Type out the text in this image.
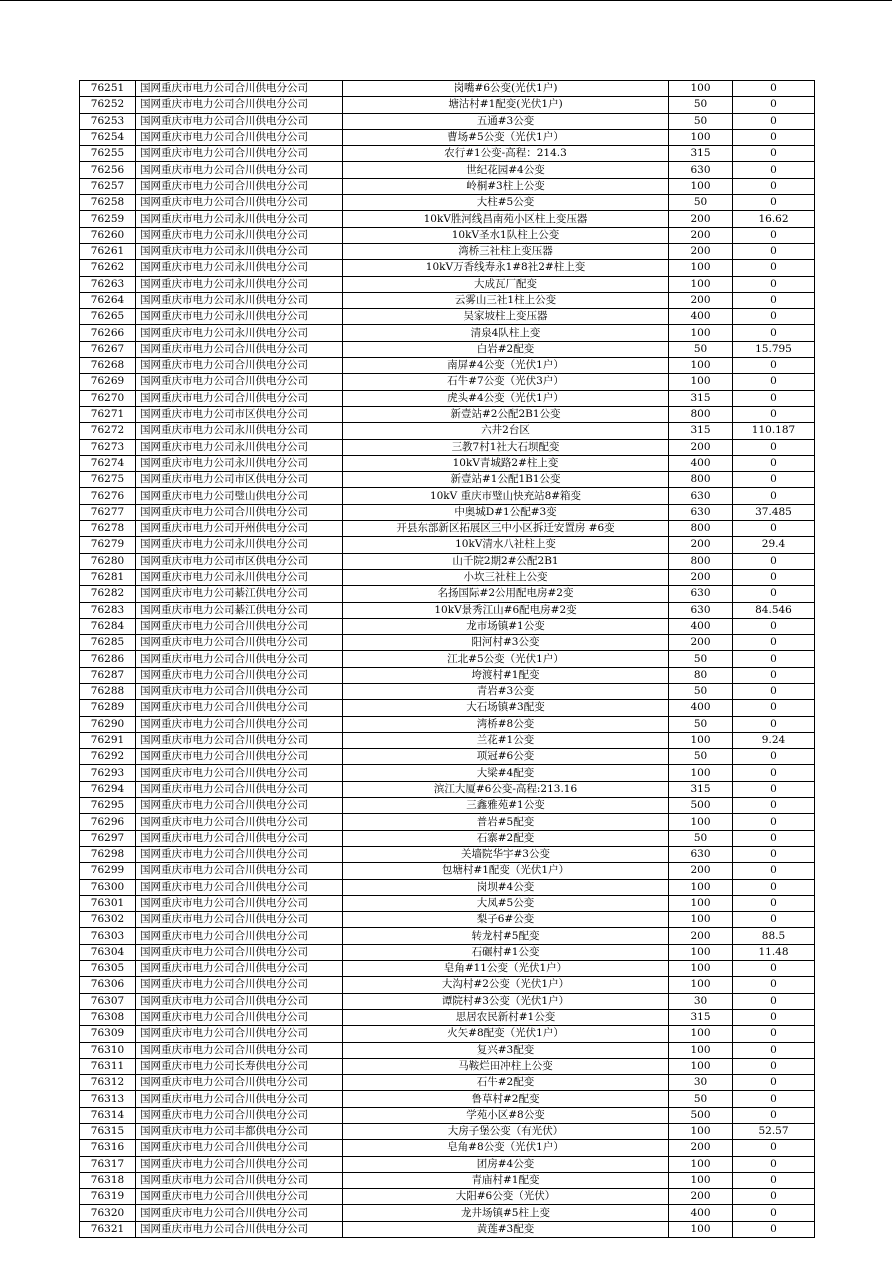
76251	国网重庆市电力公司合川供电分公司	岗嘴#6公变(光伏1户)	100	0
76252	国网重庆市电力公司合川供电分公司	塘沽村#1配变(光伏1户)	50	0
76253	国网重庆市电力公司合川供电分公司	五通#3公变	50	0
76254	国网重庆市电力公司合川供电分公司	曹场#5公变（光伏1户）	100	0
76255	国网重庆市电力公司合川供电分公司	农行#1公变-高程：214.3	315	0
76256	国网重庆市电力公司合川供电分公司	世纪花园#4公变	630	0
76257	国网重庆市电力公司合川供电分公司	岭桐#3柱上公变	100	0
76258	国网重庆市电力公司合川供电分公司	大柱#5公变	50	0
76259	国网重庆市电力公司永川供电分公司	10kV胜河线昌南苑小区柱上变压器	200	16.62
76260	国网重庆市电力公司永川供电分公司	10kV圣水1队柱上公变	200	0
76261	国网重庆市电力公司永川供电分公司	湾桥三社柱上变压器	200	0
76262	国网重庆市电力公司永川供电分公司	10kV万香线寿永1#8社2#柱上变	100	0
76263	国网重庆市电力公司永川供电分公司	大成瓦厂配变	100	0
76264	国网重庆市电力公司永川供电分公司	云雾山三社1柱上公变	200	0
76265	国网重庆市电力公司永川供电分公司	吴家坡柱上变压器	400	0
76266	国网重庆市电力公司永川供电分公司	清泉4队柱上变	100	0
76267	国网重庆市电力公司合川供电分公司	白岩#2配变	50	15.795
76268	国网重庆市电力公司合川供电分公司	南屏#4公变（光伏1户）	100	0
76269	国网重庆市电力公司合川供电分公司	石牛#7公变（光伏3户）	100	0
76270	国网重庆市电力公司合川供电分公司	虎头#4公变（光伏1户）	315	0
76271	国网重庆市电力公司市区供电分公司	新壹站#2公配2B1公变	800	0
76272	国网重庆市电力公司永川供电分公司	六井2台区	315	110.187
76273	国网重庆市电力公司永川供电分公司	三教7村1社大石坝配变	200	0
76274	国网重庆市电力公司永川供电分公司	10kV青城路2#柱上变	400	0
76275	国网重庆市电力公司市区供电分公司	新壹站#1公配1B1公变	800	0
76276	国网重庆市电力公司璧山供电分公司	10kV 重庆市璧山快充站8#箱变	630	0
76277	国网重庆市电力公司合川供电分公司	中奥城D#1公配#3变	630	37.485
76278	国网重庆市电力公司开州供电分公司	开县东部新区拓展区三中小区拆迁安置房 #6变	800	0
76279	国网重庆市电力公司永川供电分公司	10kV清水八社柱上变	200	29.4
76280	国网重庆市电力公司市区供电分公司	山千院2期2#公配2B1	800	0
76281	国网重庆市电力公司永川供电分公司	小坎三社柱上公变	200	0
76282	国网重庆市电力公司綦江供电分公司	名扬国际#2公用配电房#2变	630	0
76283	国网重庆市电力公司綦江供电分公司	10kV景秀江山#6配电房#2变	630	84.546
76284	国网重庆市电力公司合川供电分公司	龙市场镇#1公变	400	0
76285	国网重庆市电力公司合川供电分公司	阳河村#3公变	200	0
76286	国网重庆市电力公司合川供电分公司	江北#5公变（光伏1户）	50	0
76287	国网重庆市电力公司合川供电分公司	垮渡村#1配变	80	0
76288	国网重庆市电力公司合川供电分公司	青岩#3公变	50	0
76289	国网重庆市电力公司合川供电分公司	大石场镇#3配变	400	0
76290	国网重庆市电力公司合川供电分公司	湾桥#8公变	50	0
76291	国网重庆市电力公司合川供电分公司	兰花#1公变	100	9.24
76292	国网重庆市电力公司合川供电分公司	项冠#6公变	50	0
76293	国网重庆市电力公司合川供电分公司	大梁#4配变	100	0
76294	国网重庆市电力公司合川供电分公司	滨江大厦#6公变-高程:213.16	315	0
76295	国网重庆市电力公司合川供电分公司	三鑫雅苑#1公变	500	0
76296	国网重庆市电力公司合川供电分公司	普岩#5配变	100	0
76297	国网重庆市电力公司合川供电分公司	石寨#2配变	50	0
76298	国网重庆市电力公司合川供电分公司	关墙院华宇#3公变	630	0
76299	国网重庆市电力公司合川供电分公司	包塘村#1配变（光伏1户）	200	0
76300	国网重庆市电力公司合川供电分公司	岗坝#4公变	100	0
76301	国网重庆市电力公司合川供电分公司	大凤#5公变	100	0
76302	国网重庆市电力公司合川供电分公司	梨子6#公变	100	0
76303	国网重庆市电力公司合川供电分公司	转龙村#5配变	200	88.5
76304	国网重庆市电力公司合川供电分公司	石碾村#1公变	100	11.48
76305	国网重庆市电力公司合川供电分公司	皂角#11公变（光伏1户）	100	0
76306	国网重庆市电力公司合川供电分公司	大沟村#2公变（光伏1户）	100	0
76307	国网重庆市电力公司合川供电分公司	谭院村#3公变（光伏1户）	30	0
76308	国网重庆市电力公司合川供电分公司	思居农民新村#1公变	315	0
76309	国网重庆市电力公司合川供电分公司	火矢#8配变（光伏1户）	100	0
76310	国网重庆市电力公司合川供电分公司	复兴#3配变	100	0
76311	国网重庆市电力公司长寿供电分公司	马鞍烂田冲柱上公变	100	0
76312	国网重庆市电力公司合川供电分公司	石牛#2配变	30	0
76313	国网重庆市电力公司合川供电分公司	鲁草村#2配变	50	0
76314	国网重庆市电力公司合川供电分公司	学苑小区#8公变	500	0
76315	国网重庆市电力公司丰都供电分公司	大房子堡公变（有光伏）	100	52.57
76316	国网重庆市电力公司合川供电分公司	皂角#8公变（光伏1户）	200	0
76317	国网重庆市电力公司合川供电分公司	团房#4公变	100	0
76318	国网重庆市电力公司合川供电分公司	青庙村#1配变	100	0
76319	国网重庆市电力公司合川供电分公司	大阳#6公变（光伏）	200	0
76320	国网重庆市电力公司合川供电分公司	龙井场镇#5柱上变	400	0
76321	国网重庆市电力公司合川供电分公司	黄莲#3配变	100	0
